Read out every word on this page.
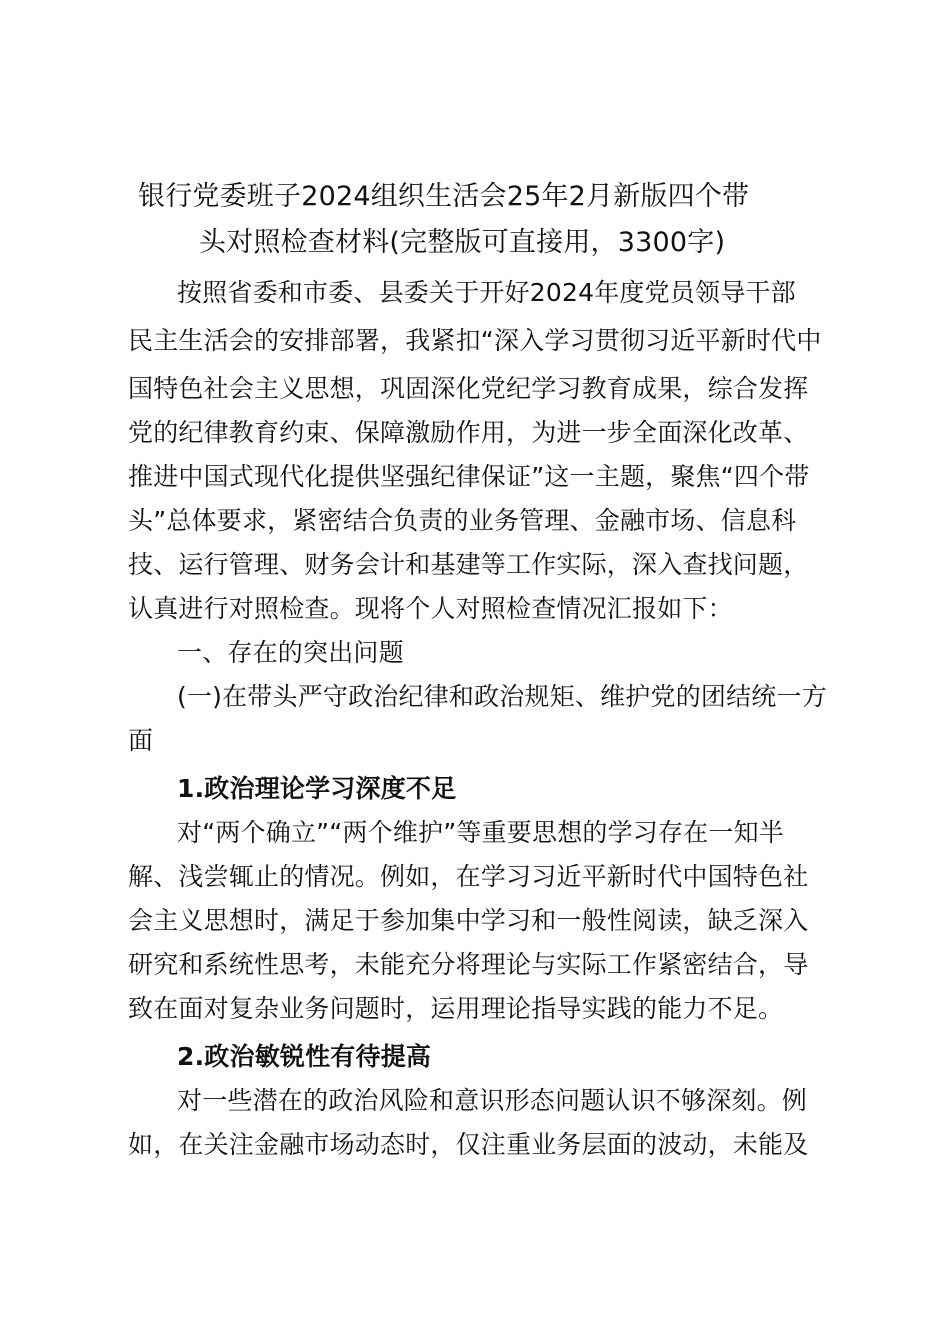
银行党委班子2024组织生活会25年2月新版四个带
头对照检查材料(完整版可直接用，3300字)
按照省委和市委、县委关于开好2024年度党员领导干部
民主生活会的安排部署，我紧扣“深入学习贯彻习近平新时代中
国特色社会主义思想，巩固深化党纪学习教育成果，综合发挥
党的纪律教育约束、保障激励作用，为进一步全面深化改革、
推进中国式现代化提供坚强纪律保证”这一主题，聚焦“四个带
头”总体要求，紧密结合负责的业务管理、金融市场、信息科
技、运行管理、财务会计和基建等工作实际，深入查找问题，
认真进行对照检查。现将个人对照检查情况汇报如下：
一、存在的突出问题
(一)在带头严守政治纪律和政治规矩、维护党的团结统一方
面
1.政治理论学习深度不足
对“两个确立”“两个维护”等重要思想的学习存在一知半
解、浅尝辄止的情况。例如，在学习习近平新时代中国特色社
会主义思想时，满足于参加集中学习和一般性阅读，缺乏深入
研究和系统性思考，未能充分将理论与实际工作紧密结合，导
致在面对复杂业务问题时，运用理论指导实践的能力不足。
2.政治敏锐性有待提高
对一些潜在的政治风险和意识形态问题认识不够深刻。例
如，在关注金融市场动态时，仅注重业务层面的波动，未能及
